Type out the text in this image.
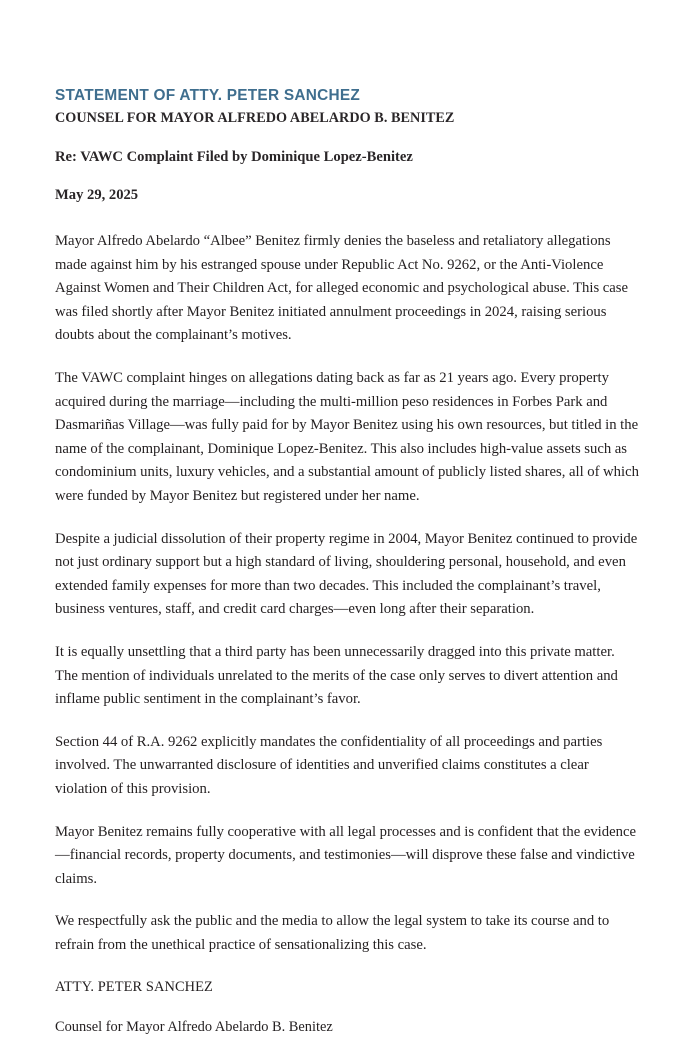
STATEMENT OF ATTY. PETER SANCHEZ
COUNSEL FOR MAYOR ALFREDO ABELARDO B. BENITEZ
Re: VAWC Complaint Filed by Dominique Lopez-Benitez
May 29, 2025

Mayor Alfredo Abelardo “Albee” Benitez firmly denies the baseless and retaliatory allegations made against him by his estranged spouse under Republic Act No. 9262, or the Anti-Violence Against Women and Their Children Act, for alleged economic and psychological abuse. This case was filed shortly after Mayor Benitez initiated annulment proceedings in 2024, raising serious doubts about the complainant’s motives.

The VAWC complaint hinges on allegations dating back as far as 21 years ago. Every property acquired during the marriage—including the multi-million peso residences in Forbes Park and Dasmariñas Village—was fully paid for by Mayor Benitez using his own resources, but titled in the name of the complainant, Dominique Lopez-Benitez. This also includes high-value assets such as condominium units, luxury vehicles, and a substantial amount of publicly listed shares, all of which were funded by Mayor Benitez but registered under her name.

Despite a judicial dissolution of their property regime in 2004, Mayor Benitez continued to provide not just ordinary support but a high standard of living, shouldering personal, household, and even extended family expenses for more than two decades. This included the complainant’s travel, business ventures, staff, and credit card charges—even long after their separation.

It is equally unsettling that a third party has been unnecessarily dragged into this private matter. The mention of individuals unrelated to the merits of the case only serves to divert attention and inflame public sentiment in the complainant’s favor.

Section 44 of R.A. 9262 explicitly mandates the confidentiality of all proceedings and parties involved. The unwarranted disclosure of identities and unverified claims constitutes a clear violation of this provision.

Mayor Benitez remains fully cooperative with all legal processes and is confident that the evidence—financial records, property documents, and testimonies—will disprove these false and vindictive claims.

We respectfully ask the public and the media to allow the legal system to take its course and to refrain from the unethical practice of sensationalizing this case.

ATTY. PETER SANCHEZ
Counsel for Mayor Alfredo Abelardo B. Benitez
